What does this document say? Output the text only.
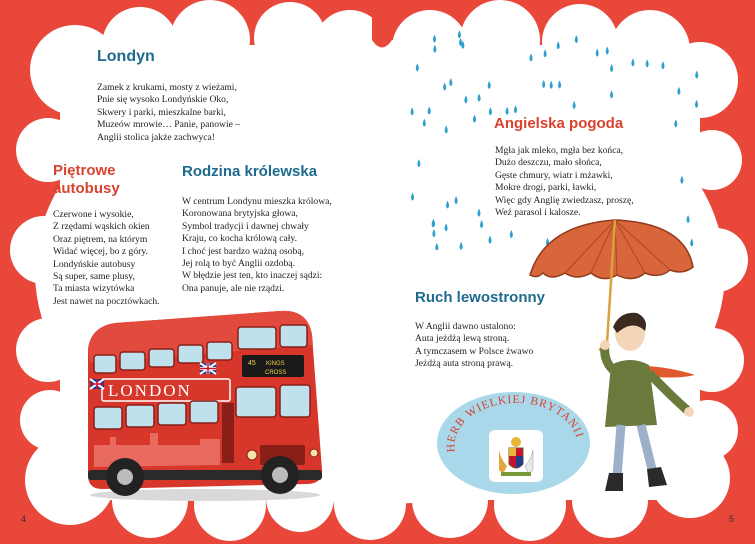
Londyn
Zamek z krukami, mosty z wieżami,
Pnie się wysoko Londyńskie Oko,
Skwery i parki, mieszkalne barki,
Muzeów mrowie… Panie, panowie –
Anglii stolica jakże zachwyca!
Piętrowe
autobusy
Czerwone i wysokie,
Z rzędami wąskich okien
Oraz piętrem, na którym
Widać więcej, bo z góry.
Londyńskie autobusy
Są super, same plusy,
Ta miasta wizytówka
Jest nawet na pocztówkach.
Rodzina królewska
W centrum Londynu mieszka królowa,
Koronowana brytyjska głowa,
Symbol tradycji i dawnej chwały
Kraju, co kocha królową cały.
I choć jest bardzo ważną osobą,
Jej rolą to być Anglii ozdobą.
W błędzie jest ten, kto inaczej sądzi:
Ona panuje, ale nie rządzi.
45 KINGS
CROSS
LONDON
Angielska pogoda
Mgła jak mleko, mgła bez końca,
Dużo deszczu, mało słońca,
Gęste chmury, wiatr i mżawki,
Mokre drogi, parki, ławki,
Więc gdy Anglię zwiedzasz, proszę,
Weź parasol i kalosze.
Ruch lewostronny
W Anglii dawno ustalono:
Auta jeżdżą lewą stroną.
A tymczasem w Polsce żwawo
Jeżdżą auta stroną prawą.
HERB WIELKIEJ BRYTANII
4	5
